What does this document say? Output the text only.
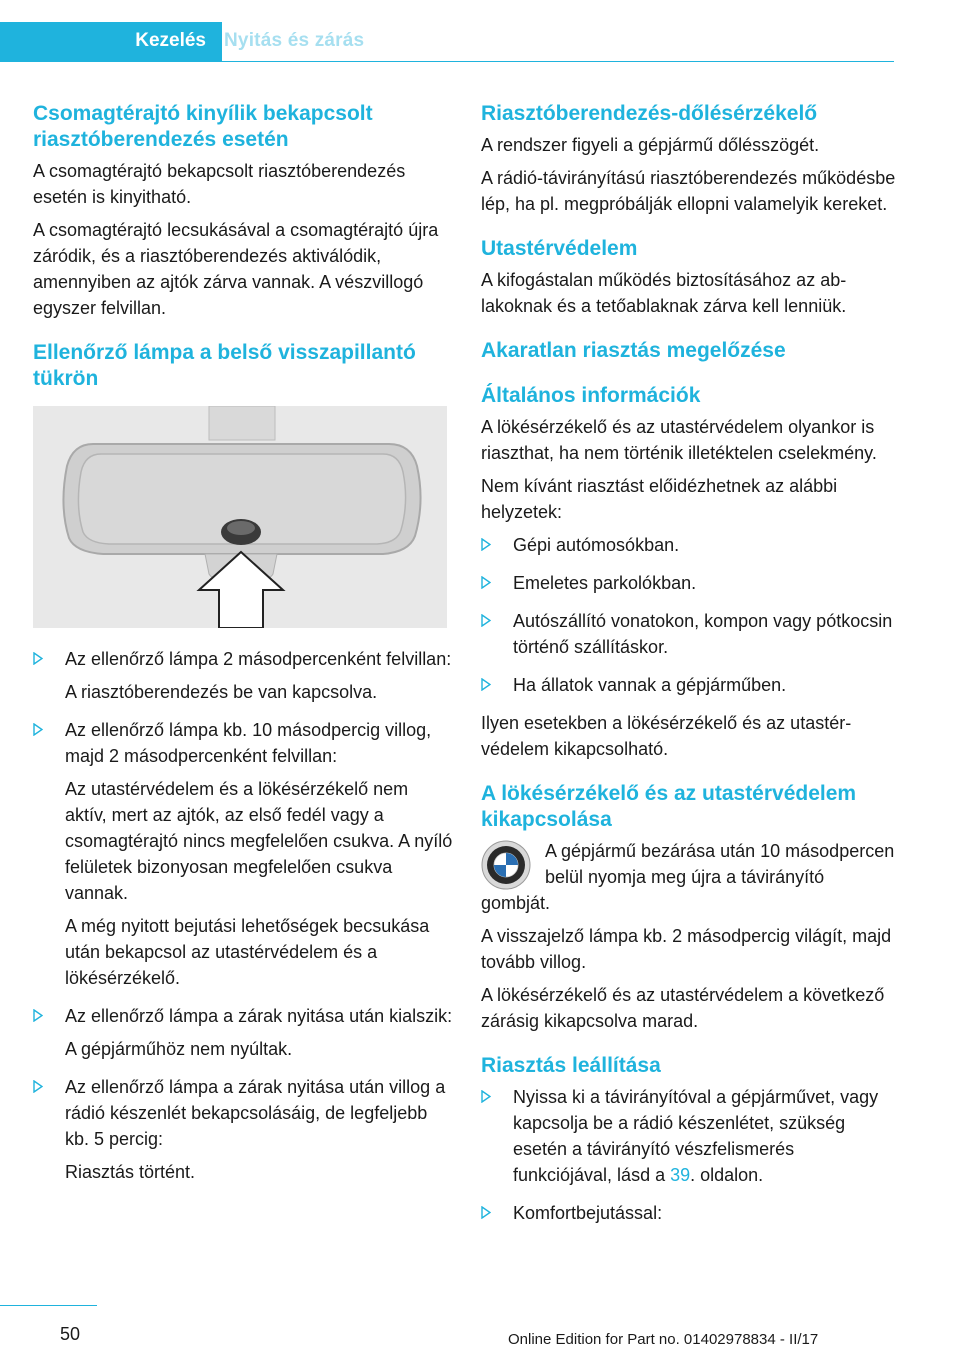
Kezelés Nyitás és zárás
Csomagtérajtó kinyílik bekapcsolt riasztóberendezés esetén

A csomagtérajtó bekapcsolt riasztóberendezés esetén is kinyitható.

A csomagtérajtó lecsukásával a csomagtérajtó újra záródik, és a riasztóberendezés aktiválódik, amennyiben az ajtók zárva vannak. A vészvillogó egyszer felvillan.

Ellenőrző lámpa a belső visszapillantó tükrön

Az ellenőrző lámpa 2 másodpercenként felvillan:

A riasztóberendezés be van kapcsolva.

Az ellenőrző lámpa kb. 10 másodpercig villog, majd 2 másodpercenként felvillan:

Az utastérvédelem és a lökésérzékelő nem aktív, mert az ajtók, az első fedél vagy a csomagtérajtó nincs megfelelően csukva. A nyíló felületek bizonyosan megfelelően csukva vannak.

A még nyitott bejutási lehetőségek becsukása után bekapcsol az utastérvédelem és a lökésérzékelő.

Az ellenőrző lámpa a zárak nyitása után kialszik:

A gépjárműhöz nem nyúltak.

Az ellenőrző lámpa a zárak nyitása után villog a rádió készenlét bekapcsolásáig, de legfeljebb kb. 5 percig:

Riasztás történt.

Riasztóberendezés-dőlésérzékelő

A rendszer figyeli a gépjármű dőlésszögét.

A rádió-távirányítású riasztóberendezés működésbe lép, ha pl. megpróbálják ellopni valamelyik kereket.

Utastérvédelem

A kifogástalan működés biztosításához az ablakoknak és a tetőablaknak zárva kell lenniük.

Akaratlan riasztás megelőzése
Általános információk

A lökésérzékelő és az utastérvédelem olyankor is riaszthat, ha nem történik illetéktelen cselekmény.

Nem kívánt riasztást előidézhetnek az alábbi helyzetek:

Gépi autómosókban.

Emeletes parkolókban.

Autószállító vonatokon, kompon vagy pótkocsin történő szállításkor.

Ha állatok vannak a gépjárműben.

Ilyen esetekben a lökésérzékelő és az utastérvédelem kikapcsolható.

A lökésérzékelő és az utastérvédelem kikapcsolása

A gépjármű bezárása után 10 másodpercen belül nyomja meg újra a távirányító gombját.

A visszajelző lámpa kb. 2 másodpercig világít, majd tovább villog.

A lökésérzékelő és az utastérvédelem a következő zárásig kikapcsolva marad.

Riasztás leállítása

Nyissa ki a távirányítóval a gépjárművet, vagy kapcsolja be a rádió készenlétet, szükség esetén a távirányító vészfelismerés funkciójával, lásd a 39. oldalon.

Komfortbejutással:

50	Online Edition for Part no. 01402978834 - II/17
